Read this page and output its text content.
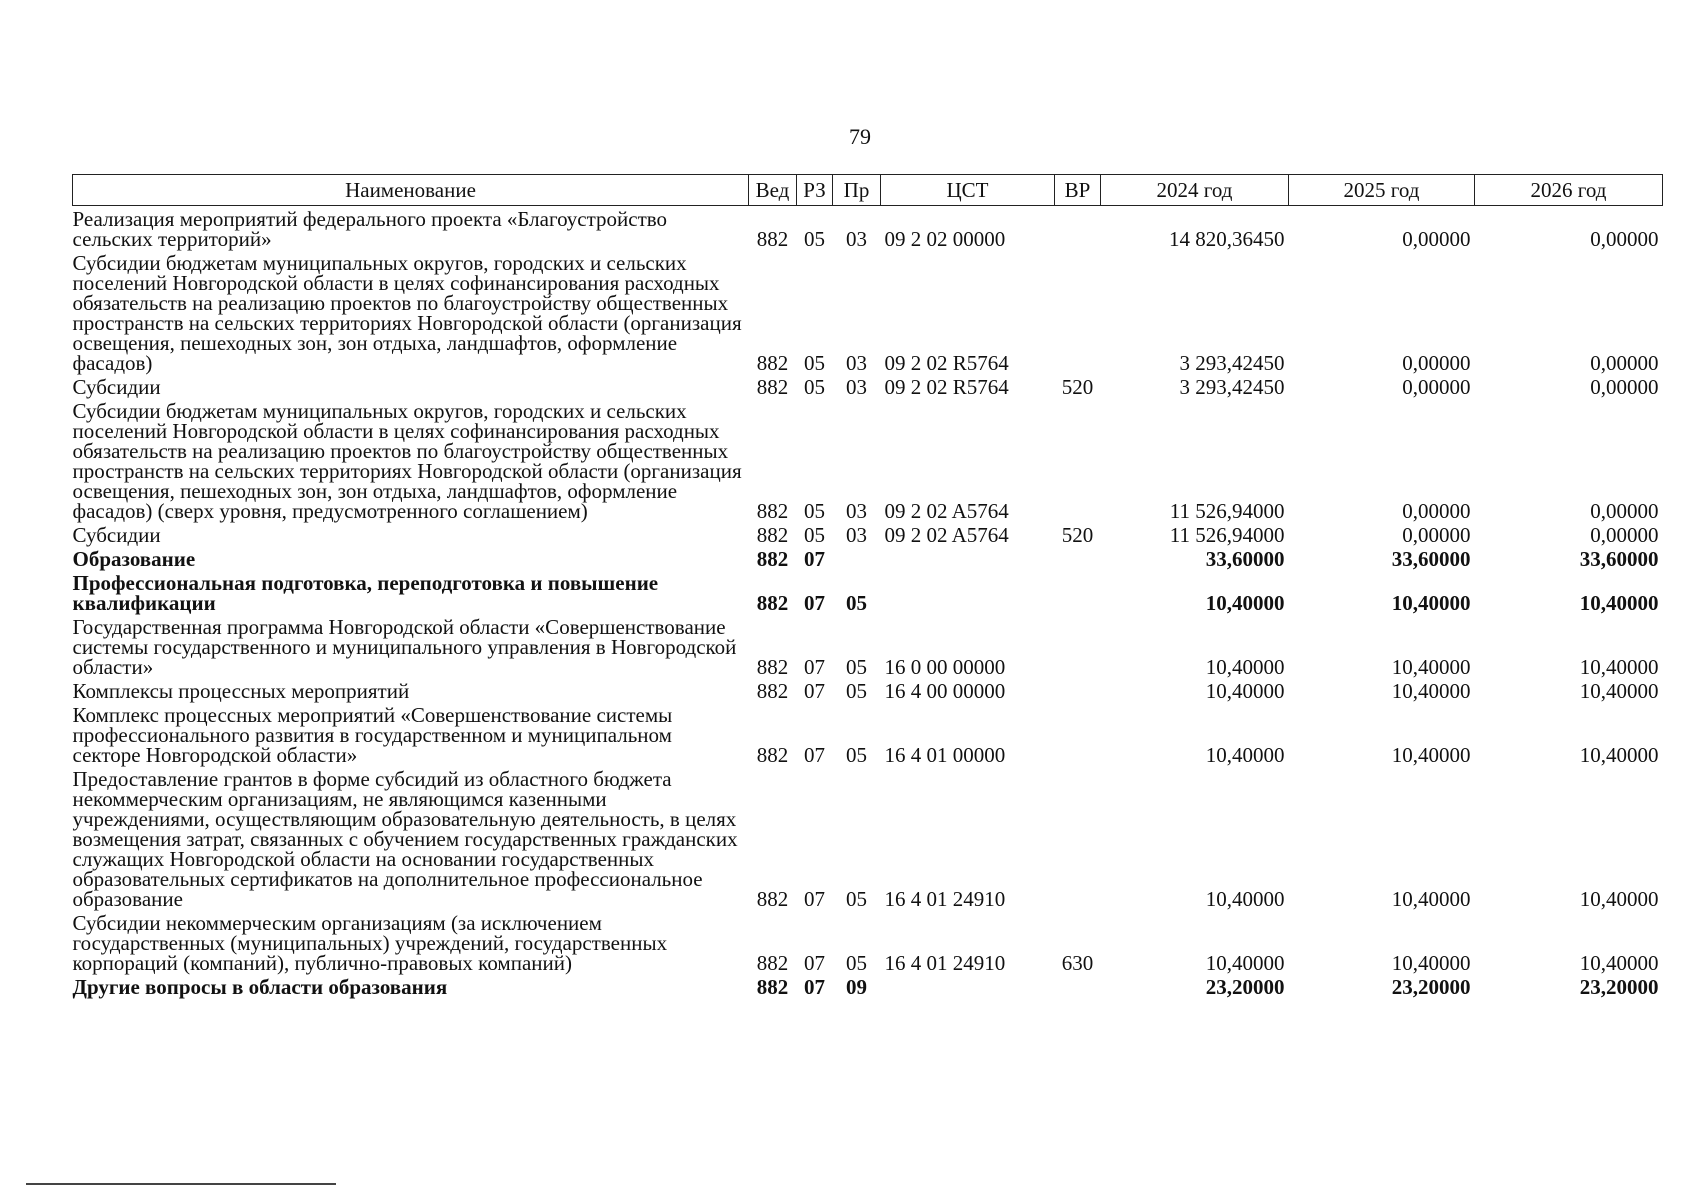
79
Наименование	Вед	РЗ	Пр	ЦСТ	ВР	2024 год	2025 год	2026 год
Реализация мероприятий федерального проекта «Благоустройство сельских территорий»	882	05	03	09 2 02 00000		14 820,36450	0,00000	0,00000
Субсидии бюджетам муниципальных округов, городских и сельских поселений Новгородской области в целях софинансирования расходных обязательств на реализацию проектов по благоустройству общественных пространств на сельских территориях Новгородской области (организация освещения, пешеходных зон, зон отдыха, ландшафтов, оформление фасадов)	882	05	03	09 2 02 R5764		3 293,42450	0,00000	0,00000
Субсидии	882	05	03	09 2 02 R5764	520	3 293,42450	0,00000	0,00000
Субсидии бюджетам муниципальных округов, городских и сельских поселений Новгородской области в целях софинансирования расходных обязательств на реализацию проектов по благоустройству общественных пространств на сельских территориях Новгородской области (организация освещения, пешеходных зон, зон отдыха, ландшафтов, оформление фасадов) (сверх уровня, предусмотренного соглашением)	882	05	03	09 2 02 A5764		11 526,94000	0,00000	0,00000
Субсидии	882	05	03	09 2 02 A5764	520	11 526,94000	0,00000	0,00000
Образование	882	07				33,60000	33,60000	33,60000
Профессиональная подготовка, переподготовка и повышение квалификации	882	07	05			10,40000	10,40000	10,40000
Государственная программа Новгородской области «Совершенствование системы государственного и муниципального управления в Новгородской области»	882	07	05	16 0 00 00000		10,40000	10,40000	10,40000
Комплексы процессных мероприятий	882	07	05	16 4 00 00000		10,40000	10,40000	10,40000
Комплекс процессных мероприятий «Совершенствование системы профессионального развития в государственном и муниципальном секторе Новгородской области»	882	07	05	16 4 01 00000		10,40000	10,40000	10,40000
Предоставление грантов в форме субсидий из областного бюджета некоммерческим организациям, не являющимся казенными учреждениями, осуществляющим образовательную деятельность, в целях возмещения затрат, связанных с обучением государственных гражданских служащих Новгородской области на основании государственных образовательных сертификатов на дополнительное профессиональное образование	882	07	05	16 4 01 24910		10,40000	10,40000	10,40000
Субсидии некоммерческим организациям (за исключением государственных (муниципальных) учреждений, государственных корпораций (компаний), публично-правовых компаний)	882	07	05	16 4 01 24910	630	10,40000	10,40000	10,40000
Другие вопросы в области образования	882	07	09			23,20000	23,20000	23,20000
